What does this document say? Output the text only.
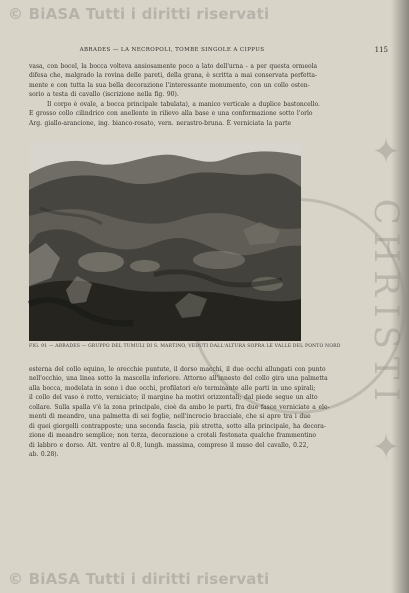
© BiASA Tutti i diritti riservati
© BiASA Tutti i diritti riservati
✦ CHRISTI ✦
ABRADES — LA NECROPOLI, TOMBE SINGOLE A CIPPUS	115
vasa, con bocel, la bocca volteva ansiosamente poco a lato dell'urna - a per questa ormeola
difesa che, malgrado la rovina delle pareti, della grana, è scritta a mai conservata perfetta-
mente e con tutta la sua bella decorazione l'interessante monumento, con un collo osten-
sorio a testa di cavallo (iscrizione nella fig. 90).
Il corpo è ovale, a bocca principale tabulata), a manico verticale a duplice bastoncello.
E grosso collo cilindrico con anellente in rilievo alla base e una conformazione sotto l'orlo
Arg. giallo-arancione, ing. bianco-rosato, vern. nerastro-bruna. È verniciata la parte
FIG. 91 — ABRADES — GRUPPO DEL TUMULI DI S. MARTINO, VEDUTI DALL'ALTURA SOPRA LE VALLE DEL PONTO NORD
esterna del collo equino, le orecchie puntute, il dorso macchi, il due occhi allungati con punto
nell'occhio, una linea sotto la mascella inferiore. Attorno all'innesto del collo gira una palmetta
alla bocca, modelata in sono i due occhi, profilatori e/o terminante alle parti in uno spirali;
il collo del vaso è rotto, verniciato; il margine ha motivi orizzontali; dal piede segue un alto
collare. Sulla spalla v'è la zona principale, cioè da ambo le parti, fra due fasce verniciate a ele-
menti di meandro, una palmetta di sei foglie, nell'incrocio bracciale, che si apre tra i due
di quei giorgelli contrapposte; una seconda fascia, più stretta, sotto alla principale, ha decora-
zione di meandro semplice; non terza, decorazione a crotali festonata qualche frammentino
di labbro e dorso. Alt. ventre al 0.8, lungh. massima, compreso il muso del cavallo, 0.22,
ab. 0.28).
